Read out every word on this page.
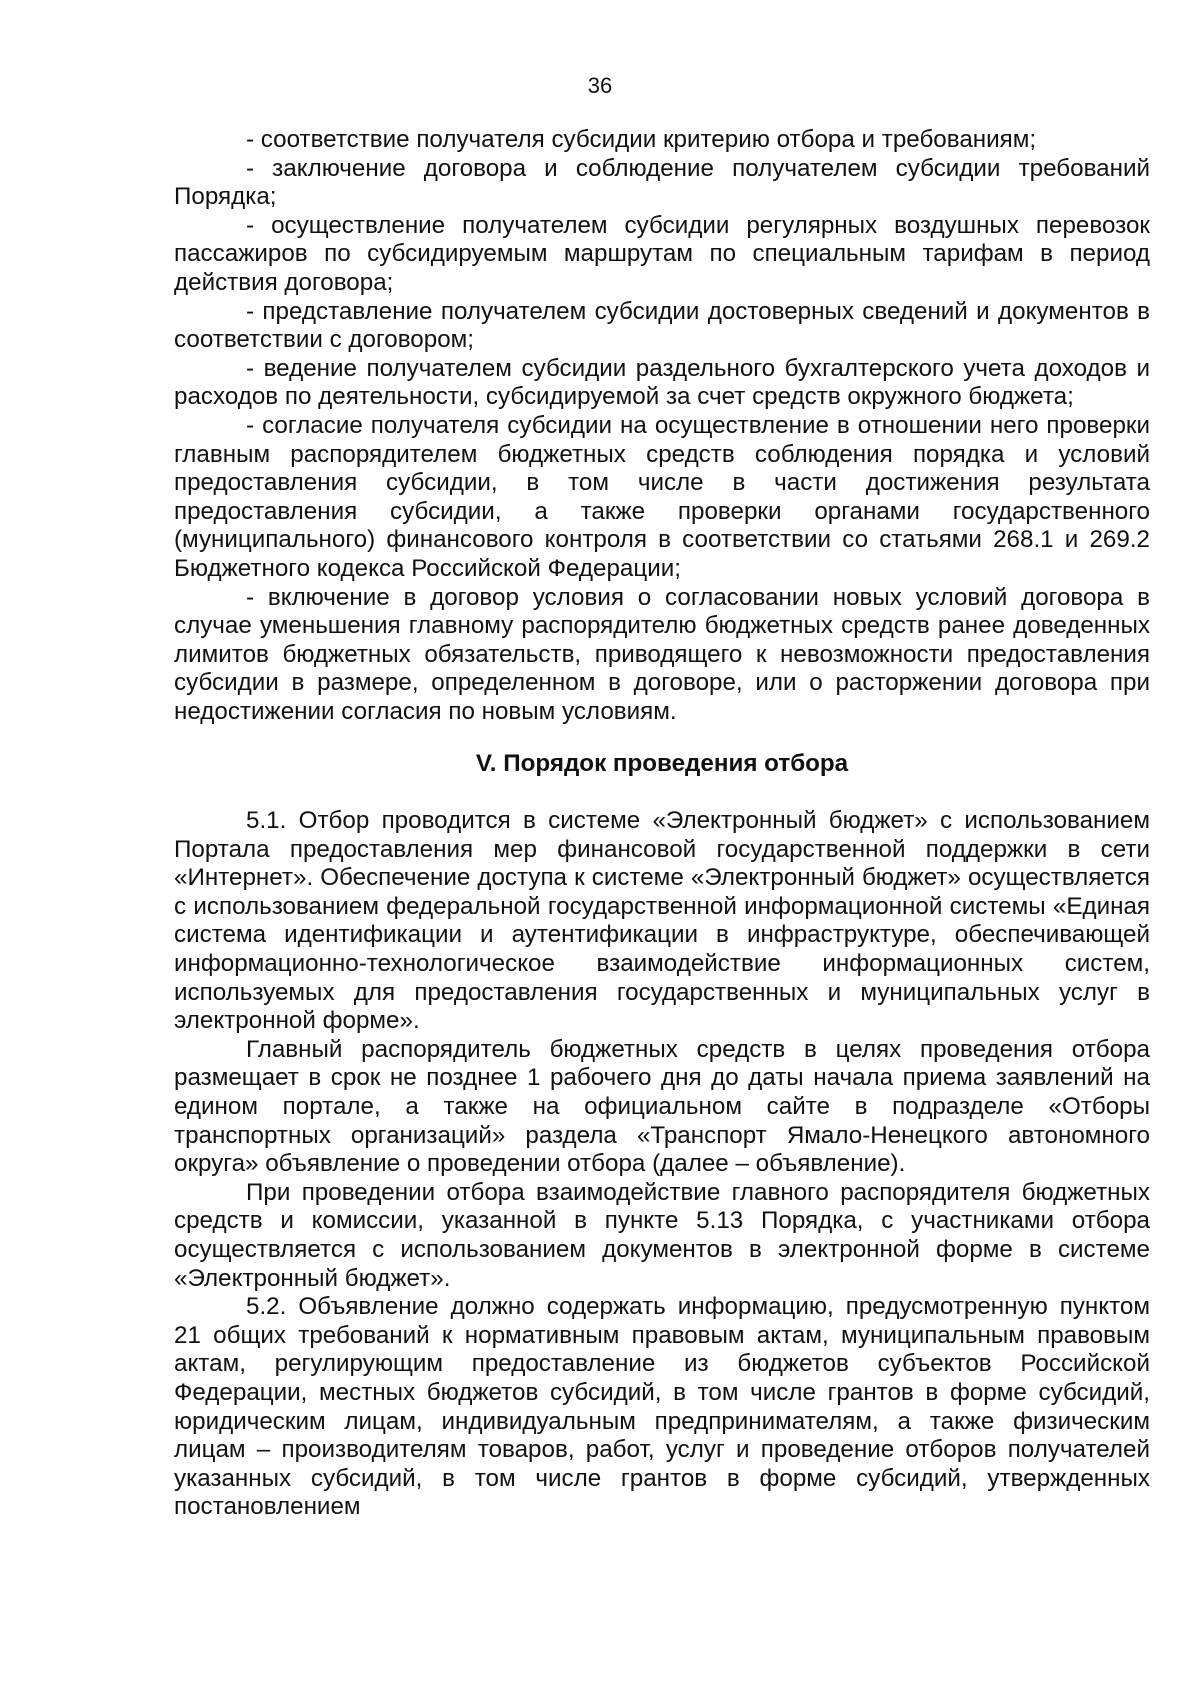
36

- соответствие получателя субсидии критерию отбора и требованиям;

- заключение договора и соблюдение получателем субсидии требований Порядка;

- осуществление получателем субсидии регулярных воздушных перевозок пассажиров по субсидируемым маршрутам по специальным тарифам в период действия договора;

- представление получателем субсидии достоверных сведений и документов в соответствии с договором;

- ведение получателем субсидии раздельного бухгалтерского учета доходов и расходов по деятельности, субсидируемой за счет средств окружного бюджета;

- согласие получателя субсидии на осуществление в отношении него проверки главным распорядителем бюджетных средств соблюдения порядка и условий предоставления субсидии, в том числе в части достижения результата предоставления субсидии, а также проверки органами государственного (муниципального) финансового контроля в соответствии со статьями 268.1 и 269.2 Бюджетного кодекса Российской Федерации;

- включение в договор условия о согласовании новых условий договора в случае уменьшения главному распорядителю бюджетных средств ранее доведенных лимитов бюджетных обязательств, приводящего к невозможности предоставления субсидии в размере, определенном в договоре, или о расторжении договора при недостижении согласия по новым условиям.

V. Порядок проведения отбора

5.1. Отбор проводится в системе «Электронный бюджет» с использованием Портала предоставления мер финансовой государственной поддержки в сети «Интернет». Обеспечение доступа к системе «Электронный бюджет» осуществляется с использованием федеральной государственной информационной системы «Единая система идентификации и аутентификации в инфраструктуре, обеспечивающей информационно-технологическое взаимодействие информационных систем, используемых для предоставления государственных и муниципальных услуг в электронной форме».

Главный распорядитель бюджетных средств в целях проведения отбора размещает в срок не позднее 1 рабочего дня до даты начала приема заявлений на едином портале, а также на официальном сайте в подразделе «Отборы транспортных организаций» раздела «Транспорт Ямало-Ненецкого автономного округа» объявление о проведении отбора (далее – объявление).

При проведении отбора взаимодействие главного распорядителя бюджетных средств и комиссии, указанной в пункте 5.13 Порядка, с участниками отбора осуществляется с использованием документов в электронной форме в системе «Электронный бюджет».

5.2. Объявление должно содержать информацию, предусмотренную пунктом 21 общих требований к нормативным правовым актам, муниципальным правовым актам, регулирующим предоставление из бюджетов субъектов Российской Федерации, местных бюджетов субсидий, в том числе грантов в форме субсидий, юридическим лицам, индивидуальным предпринимателям, а также физическим лицам – производителям товаров, работ, услуг и проведение отборов получателей указанных субсидий, в том числе грантов в форме субсидий, утвержденных постановлением
